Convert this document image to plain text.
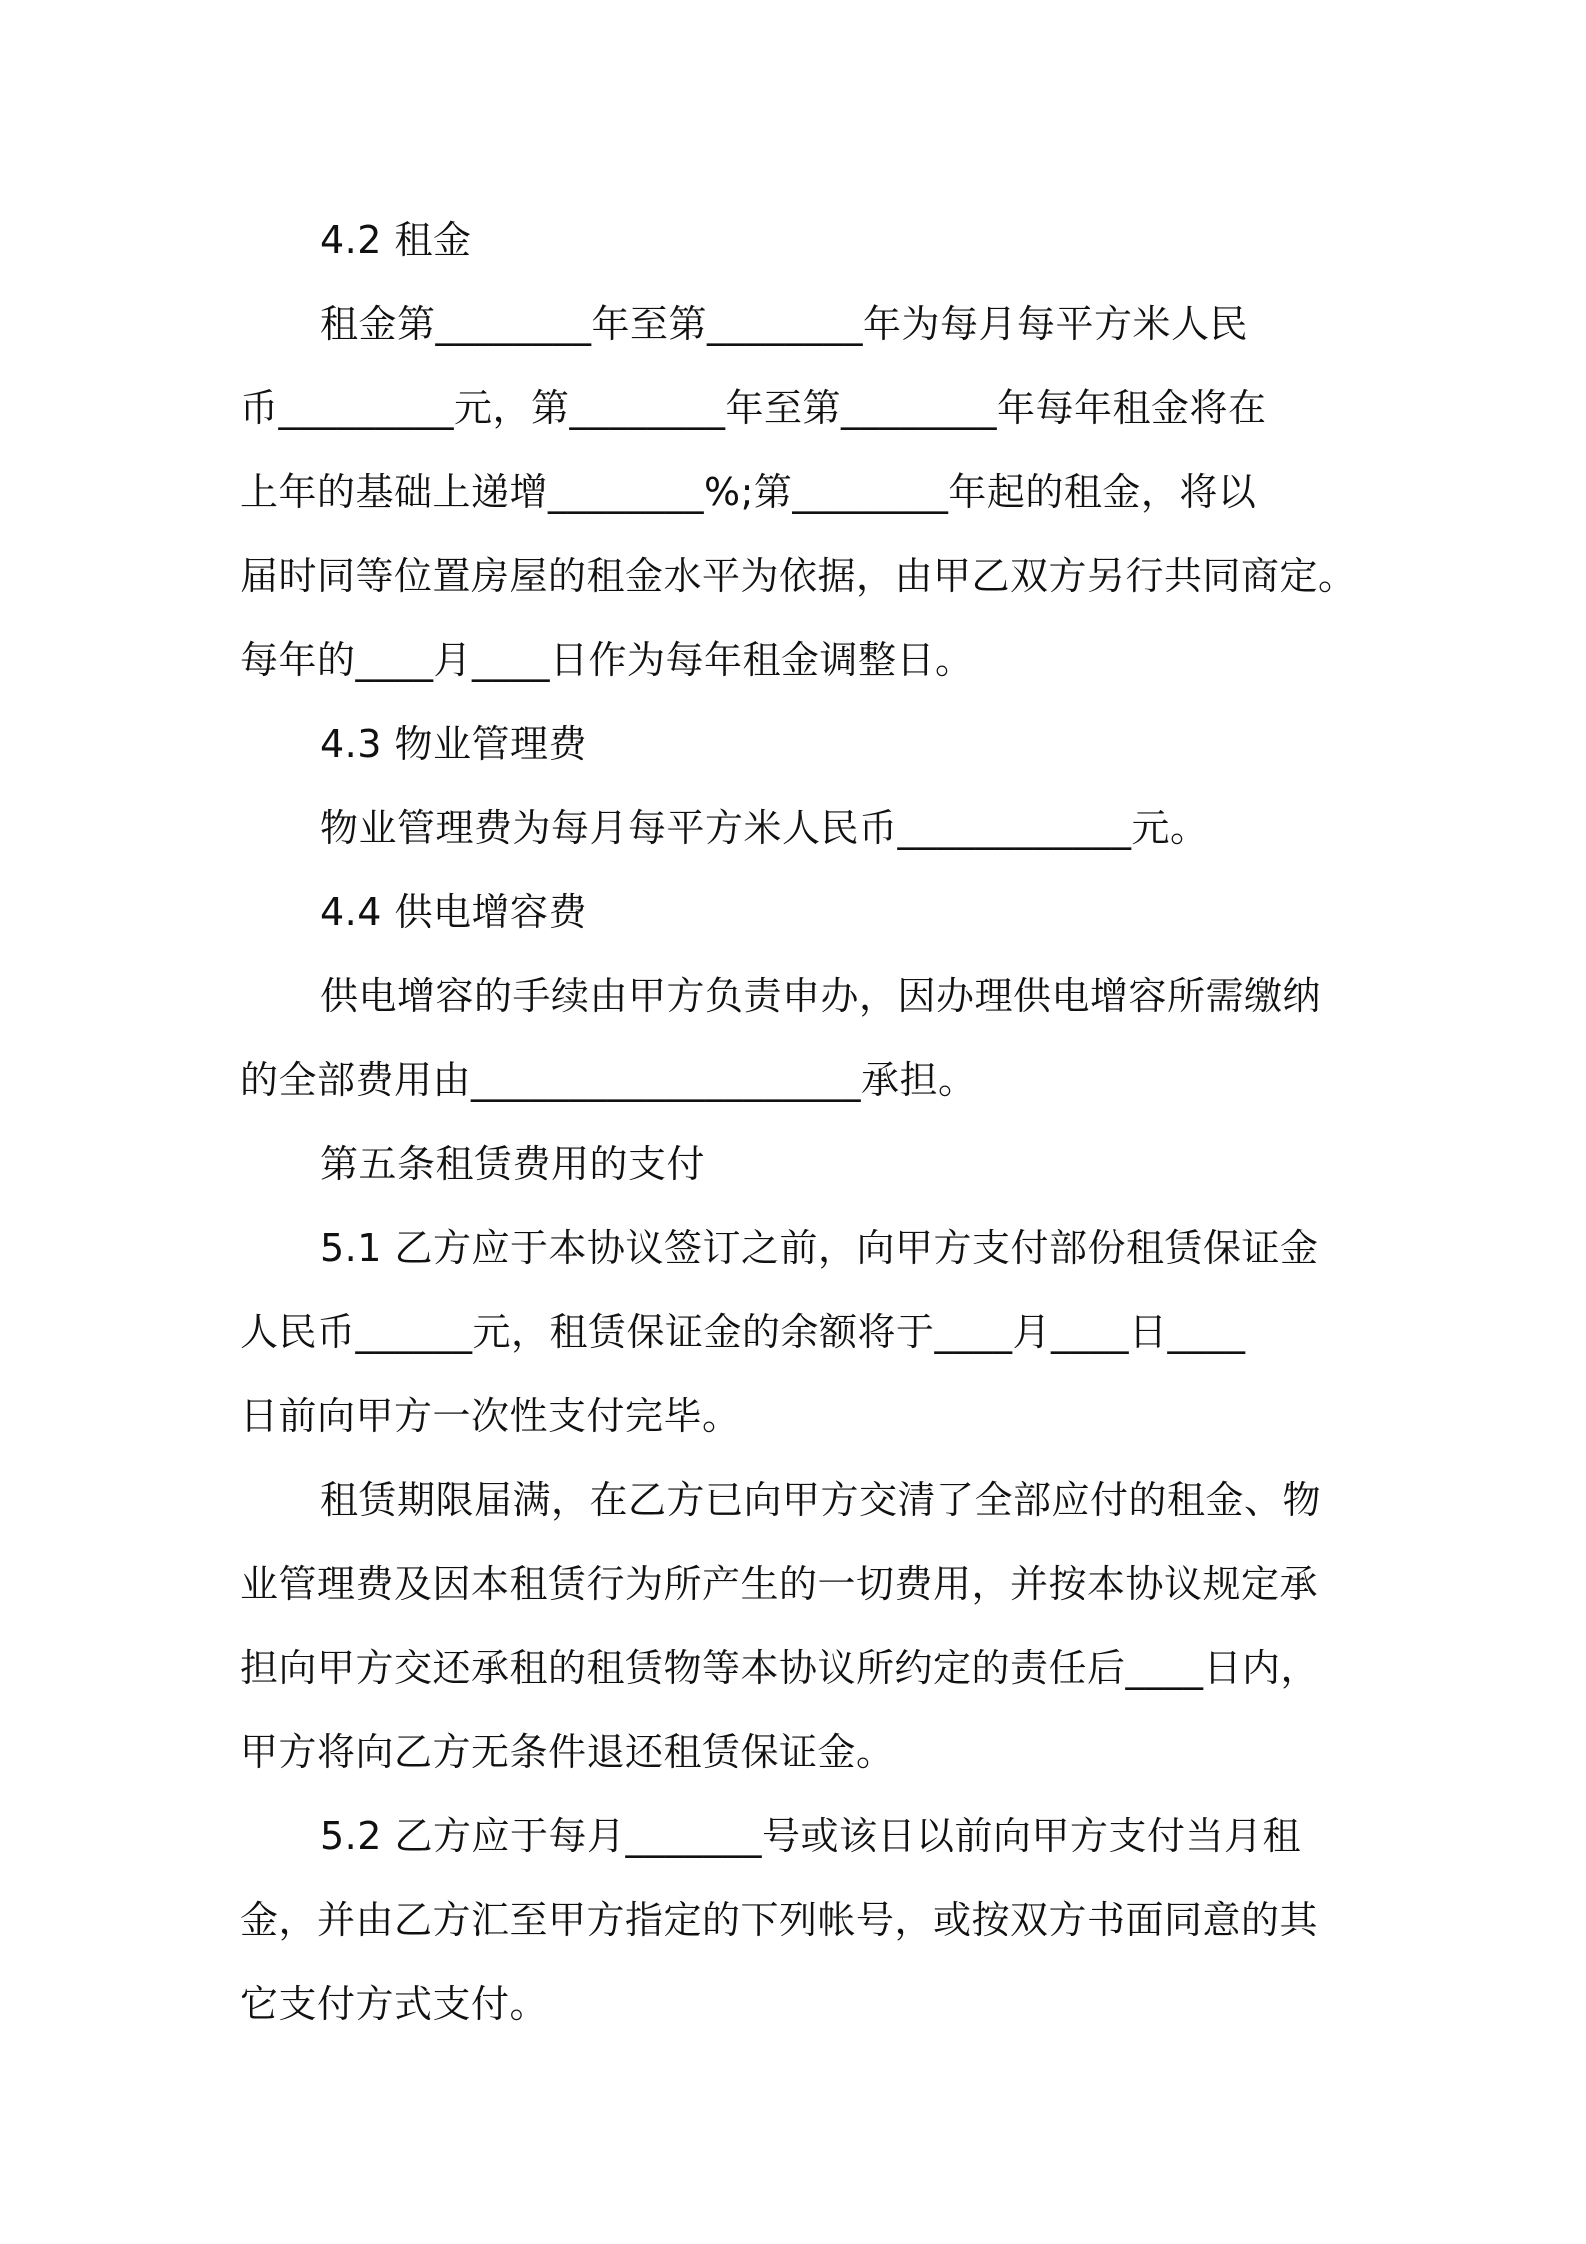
4.2 租金
租金第________年至第________年为每月每平方米人民
币_________元，第________年至第________年每年租金将在
上年的基础上递增________%;第________年起的租金，将以
届时同等位置房屋的租金水平为依据，由甲乙双方另行共同商定。
每年的____月____日作为每年租金调整日。
4.3 物业管理费
物业管理费为每月每平方米人民币____________元。
4.4 供电增容费
供电增容的手续由甲方负责申办，因办理供电增容所需缴纳
的全部费用由____________________承担。
第五条租赁费用的支付
5.1 乙方应于本协议签订之前，向甲方支付部份租赁保证金
人民币______元，租赁保证金的余额将于____月____日____
日前向甲方一次性支付完毕。
租赁期限届满，在乙方已向甲方交清了全部应付的租金、物
业管理费及因本租赁行为所产生的一切费用，并按本协议规定承
担向甲方交还承租的租赁物等本协议所约定的责任后____日内，
甲方将向乙方无条件退还租赁保证金。
5.2 乙方应于每月_______号或该日以前向甲方支付当月租
金，并由乙方汇至甲方指定的下列帐号，或按双方书面同意的其
它支付方式支付。
